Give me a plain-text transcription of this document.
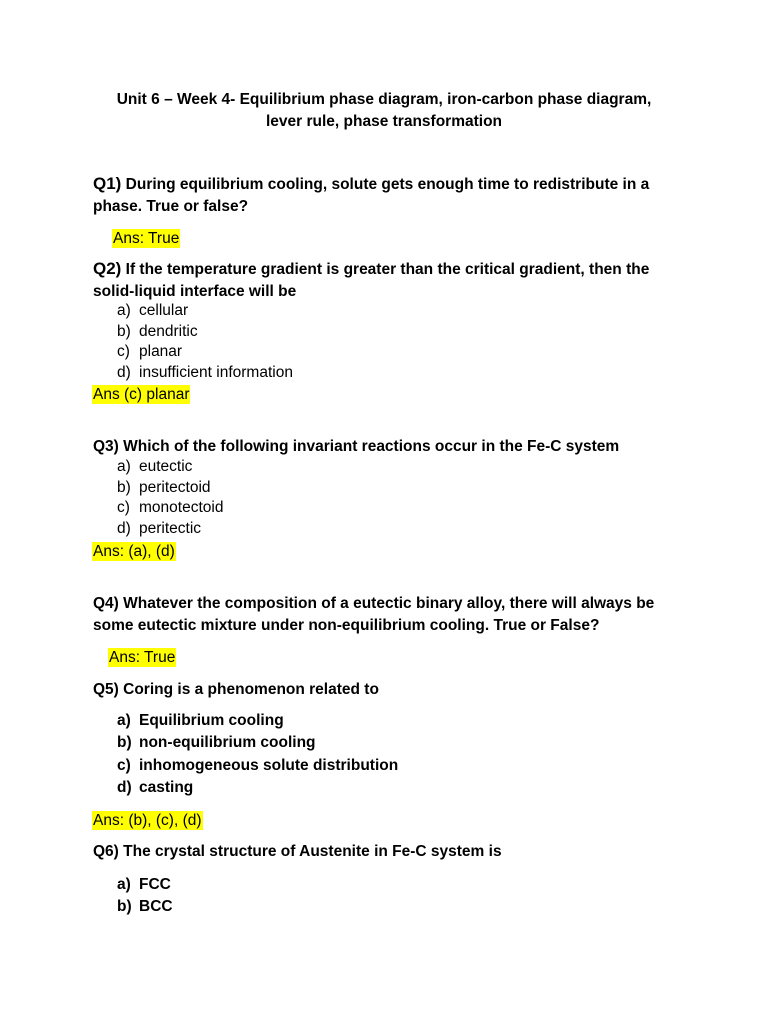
Unit 6 – Week 4- Equilibrium phase diagram, iron-carbon phase diagram,
lever rule, phase transformation
Q1) During equilibrium cooling, solute gets enough time to redistribute in a
phase. True or false?
Ans: True
Q2) If the temperature gradient is greater than the critical gradient, then the
solid-liquid interface will be
a) cellular
b) dendritic
c) planar
d) insufficient information
Ans (c) planar
Q3) Which of the following invariant reactions occur in the Fe-C system
a) eutectic
b) peritectoid
c) monotectoid
d) peritectic
Ans: (a), (d)
Q4) Whatever the composition of a eutectic binary alloy, there will always be
some eutectic mixture under non-equilibrium cooling. True or False?
Ans: True
Q5) Coring is a phenomenon related to
a) Equilibrium cooling
b) non-equilibrium cooling
c) inhomogeneous solute distribution
d) casting
Ans: (b), (c), (d)
Q6) The crystal structure of Austenite in Fe-C system is
a) FCC
b) BCC
